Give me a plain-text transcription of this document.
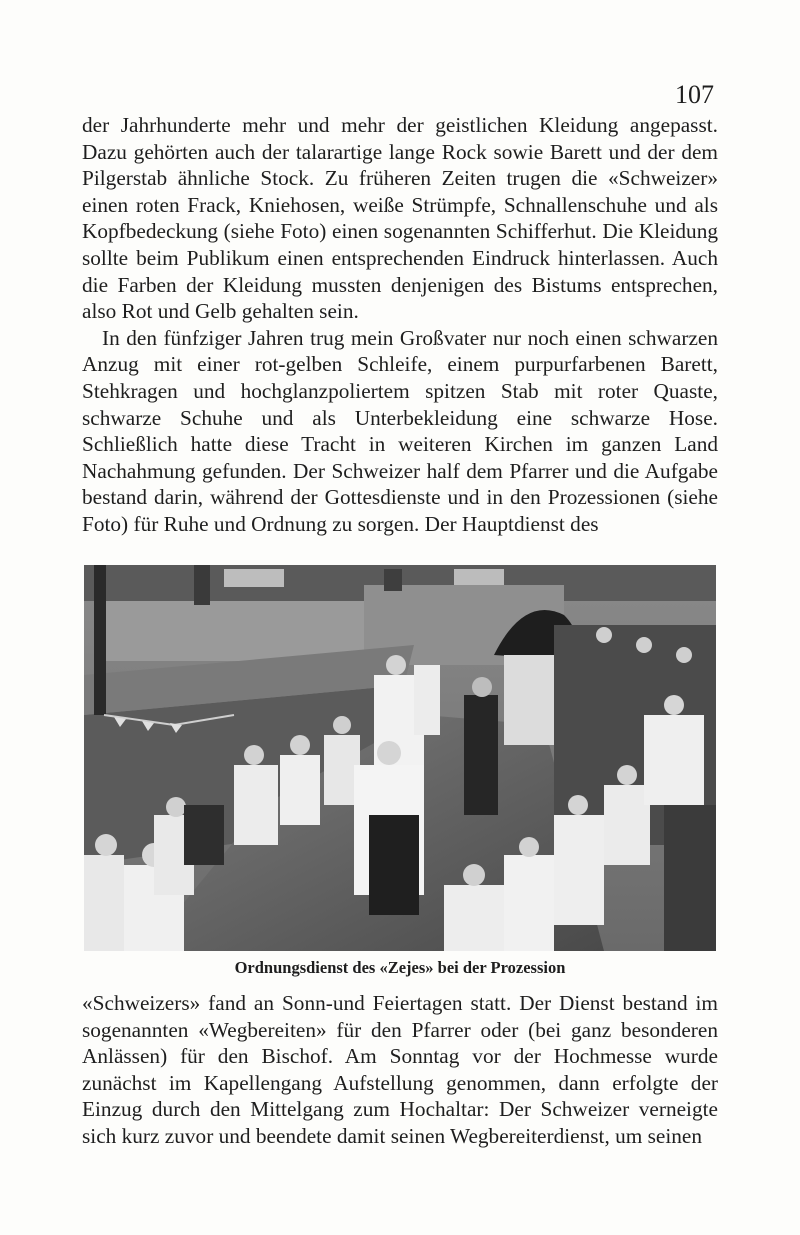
107

der Jahrhunderte mehr und mehr der geistlichen Kleidung angepasst. Dazu gehörten auch der talarartige lange Rock sowie Barett und der dem Pilgerstab ähnliche Stock. Zu früheren Zeiten trugen die «Schweizer» einen roten Frack, Kniehosen, weiße Strümpfe, Schnallenschuhe und als Kopfbedeckung (siehe Foto) einen sogenannten Schifferhut. Die Kleidung sollte beim Publikum einen entsprechenden Eindruck hinterlassen. Auch die Farben der Kleidung mussten denjenigen des Bistums entsprechen, also Rot und Gelb gehalten sein.

In den fünfziger Jahren trug mein Großvater nur noch einen schwarzen Anzug mit einer rot-gelben Schleife, einem purpurfarbenen Barett, Stehkragen und hochglanzpoliertem spitzen Stab mit roter Quaste, schwarze Schuhe und als Unterbekleidung eine schwarze Hose. Schließlich hatte diese Tracht in weiteren Kirchen im ganzen Land Nachahmung gefunden. Der Schweizer half dem Pfarrer und die Aufgabe bestand darin, während der Gottesdienste und in den Prozessionen (siehe Foto) für Ruhe und Ordnung zu sorgen. Der Hauptdienst des

Ordnungsdienst des «Zejes» bei der Prozession

«Schweizers» fand an Sonn-und Feiertagen statt. Der Dienst bestand im sogenannten «Wegbereiten» für den Pfarrer oder (bei ganz besonderen Anlässen) für den Bischof. Am Sonntag vor der Hochmesse wurde zunächst im Kapellengang Aufstellung genommen, dann erfolgte der Einzug durch den Mittelgang zum Hochaltar: Der Schweizer verneigte sich kurz zuvor und beendete damit seinen Wegbereiterdienst, um seinen
